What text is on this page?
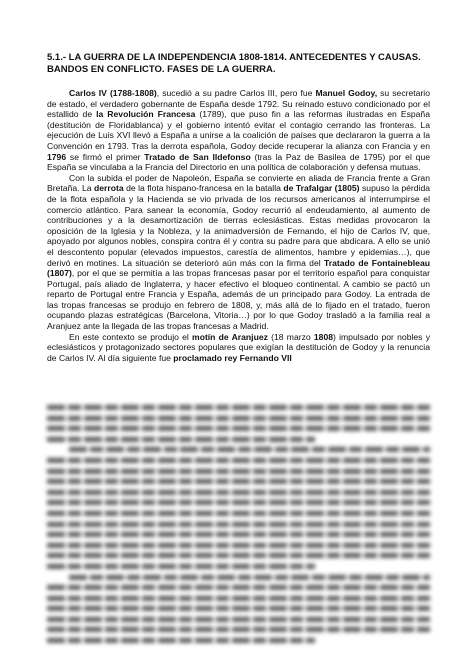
5.1.- LA GUERRA DE LA INDEPENDENCIA 1808-1814. ANTECEDENTES Y CAUSAS. BANDOS EN CONFLICTO. FASES DE LA GUERRA.

Carlos IV (1788-1808), sucedió a su padre Carlos III, pero fue Manuel Godoy, su secretario de estado, el verdadero gobernante de España desde 1792. Su reinado estuvo condicionado por el estallido de la Revolución Francesa (1789), que puso fin a las reformas ilustradas en España (destitución de Floridablanca) y el gobierno intentó evitar el contagio cerrando las fronteras. La ejecución de Luis XVI llevó a España a unirse a la coalición de países que declararon la guerra a la Convención en 1793. Tras la derrota española, Godoy decide recuperar la alianza con Francia y en 1796 se firmó el primer Tratado de San Ildefonso (tras la Paz de Basilea de 1795) por el que España se vinculaba a la Francia del Directorio en una política de colaboración y defensa mutuas.

Con la subida el poder de Napoleón, España se convierte en aliada de Francia frente a Gran Bretaña. La derrota de la flota hispano-francesa en la batalla de Trafalgar (1805) supuso la pérdida de la flota española y la Hacienda se vio privada de los recursos americanos al interrumpirse el comercio atlántico. Para sanear la economía, Godoy recurrió al endeudamiento, al aumento de contribuciones y a la desamortización de tierras eclesiásticas. Estas medidas provocaron la oposición de la Iglesia y la Nobleza, y la animadversión de Fernando, el hijo de Carlos IV, que, apoyado por algunos nobles, conspira contra él y contra su padre para que abdicara. A ello se unió el descontento popular (elevados impuestos, carestía de alimentos, hambre y epidemias…), que derivó en motines. La situación se deterioró aún más con la firma del Tratado de Fontainebleau (1807), por el que se permitía a las tropas francesas pasar por el territorio español para conquistar Portugal, país aliado de Inglaterra, y hacer efectivo el bloqueo continental. A cambio se pactó un reparto de Portugal entre Francia y España, además de un principado para Godoy. La entrada de las tropas francesas se produjo en febrero de 1808, y, más allá de lo fijado en el tratado, fueron ocupando plazas estratégicas (Barcelona, Vitoria…) por lo que Godoy trasladó a la familia real a Aranjuez ante la llegada de las tropas francesas a Madrid.

En este contexto se produjo el motín de Aranjuez (18 marzo 1808) impulsado por nobles y eclesiásticos y protagonizado sectores populares que exigían la destitución de Godoy y la renuncia de Carlos IV. Al día siguiente fue proclamado rey Fernando VII
